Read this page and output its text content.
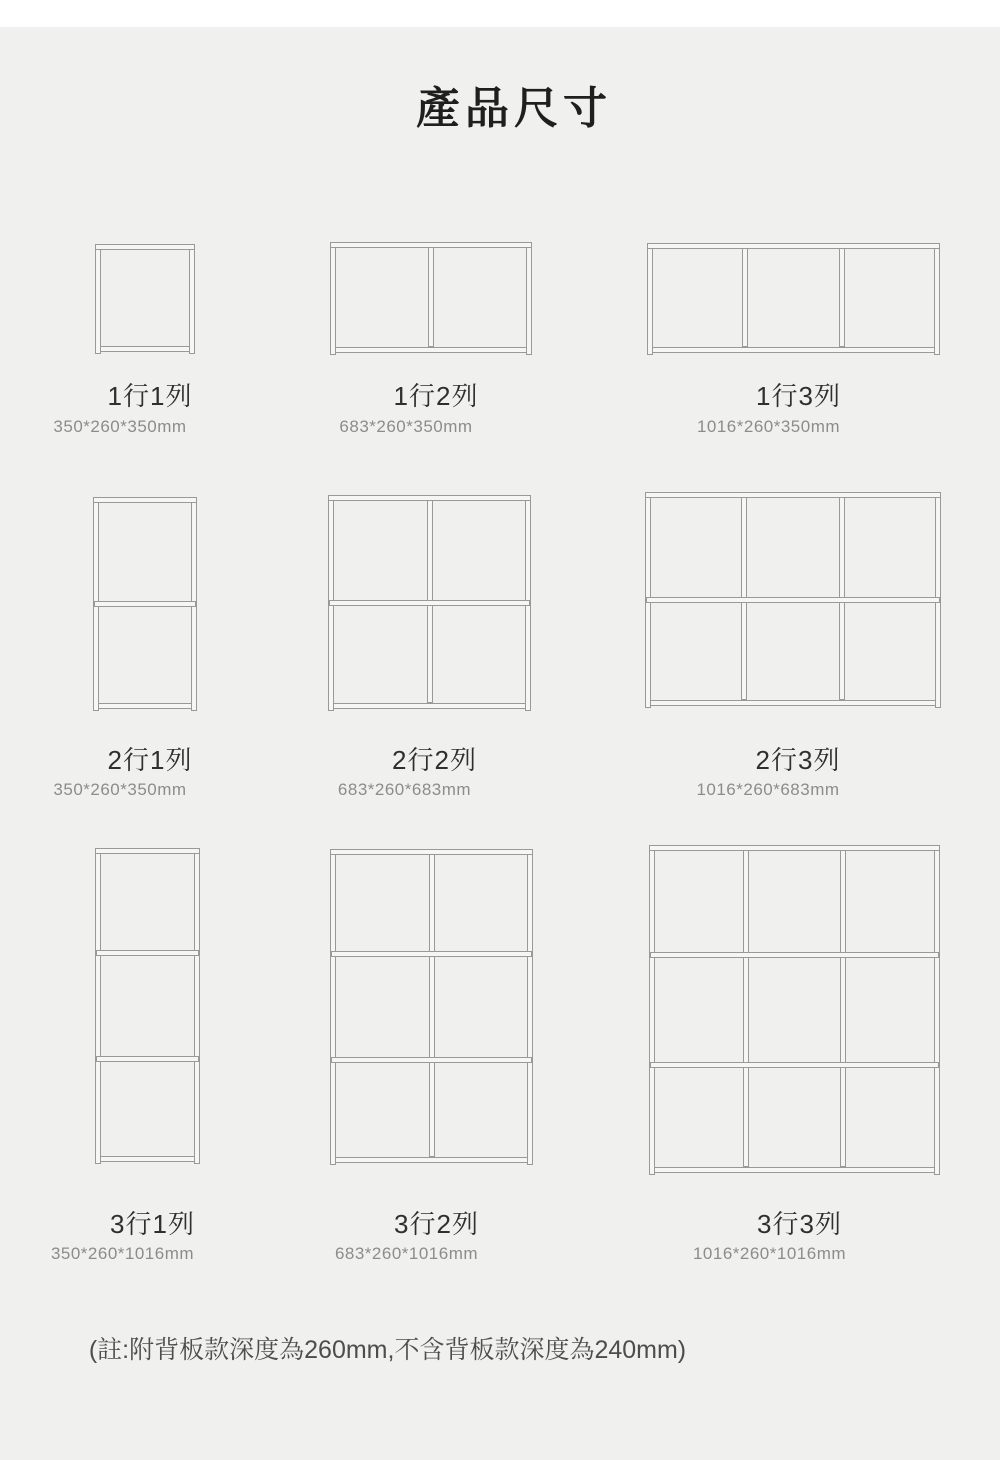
產品尺寸
1行1列
350*260*350mm
1行2列
683*260*350mm
1行3列
1016*260*350mm
2行1列
350*260*350mm
2行2列
683*260*683mm
2行3列
1016*260*683mm
3行1列
350*260*1016mm
3行2列
683*260*1016mm
3行3列
1016*260*1016mm
(註:附背板款深度為260mm,不含背板款深度為240mm)
